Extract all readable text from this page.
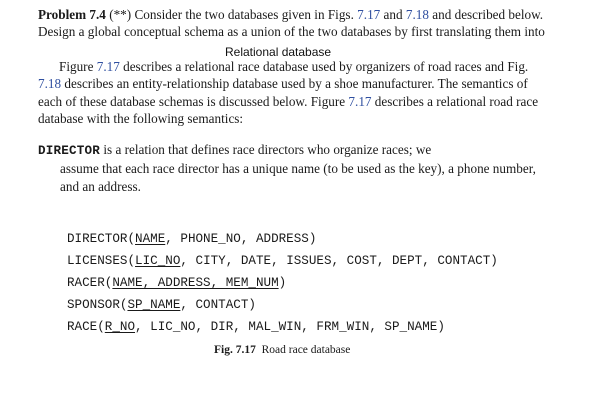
Problem 7.4 (**) Consider the two databases given in Figs. 7.17 and 7.18 and described below. Design a global conceptual schema as a union of the two databases by first translating them into

Relational database

Figure 7.17 describes a relational race database used by organizers of road races and Fig. 7.18 describes an entity-relationship database used by a shoe manufacturer. The semantics of each of these database schemas is discussed below. Figure 7.17 describes a relational road race database with the following semantics:

DIRECTOR is a relation that defines race directors who organize races; we
assume that each race director has a unique name (to be used as the key), a phone number, and an address.

DIRECTOR(NAME, PHONE_NO, ADDRESS)
LICENSES(LIC_NO, CITY, DATE, ISSUES, COST, DEPT, CONTACT)
RACER(NAME, ADDRESS, MEM_NUM)
SPONSOR(SP_NAME, CONTACT)
RACE(R_NO, LIC_NO, DIR, MAL_WIN, FRM_WIN, SP_NAME)
Fig. 7.17 Road race database
